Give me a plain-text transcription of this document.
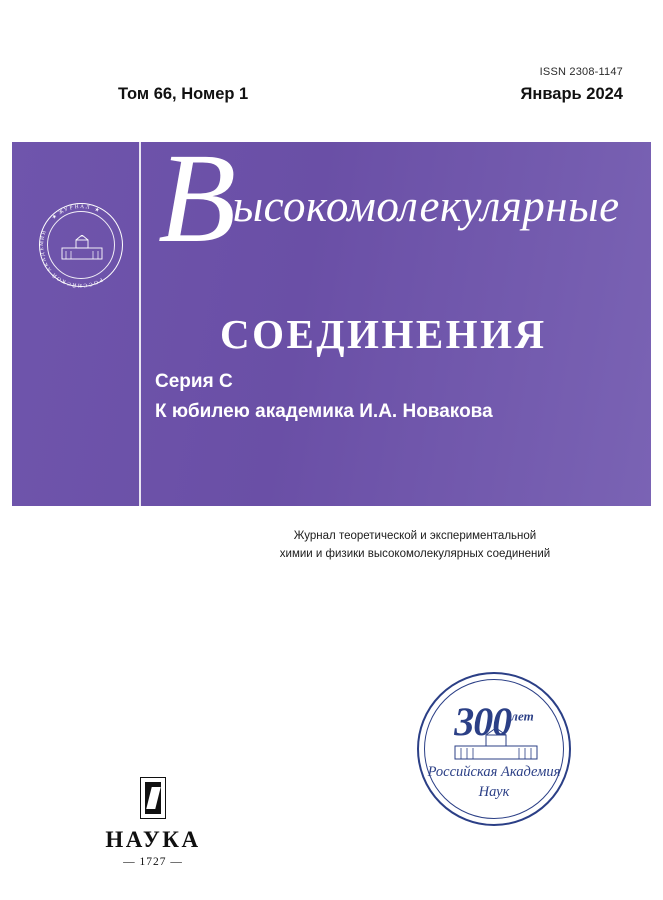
ISSN 2308-1147
Том 66, Номер 1	Январь 2024
★
Ж
У Р Н А Л ★
Р
О
С
С
И
Й
С
К
О
Й
А
К
А
Д
Е
М
И
И Высокомолекулярные
СОЕДИНЕНИЯ
Серия C
К юбилею академика И.А. Новакова
Журнал теоретической и экспериментальной
химии и физики высокомолекулярных соединений
$300^{лет}$
Российская Академия
Наук
НАУКА
— 1727 —
